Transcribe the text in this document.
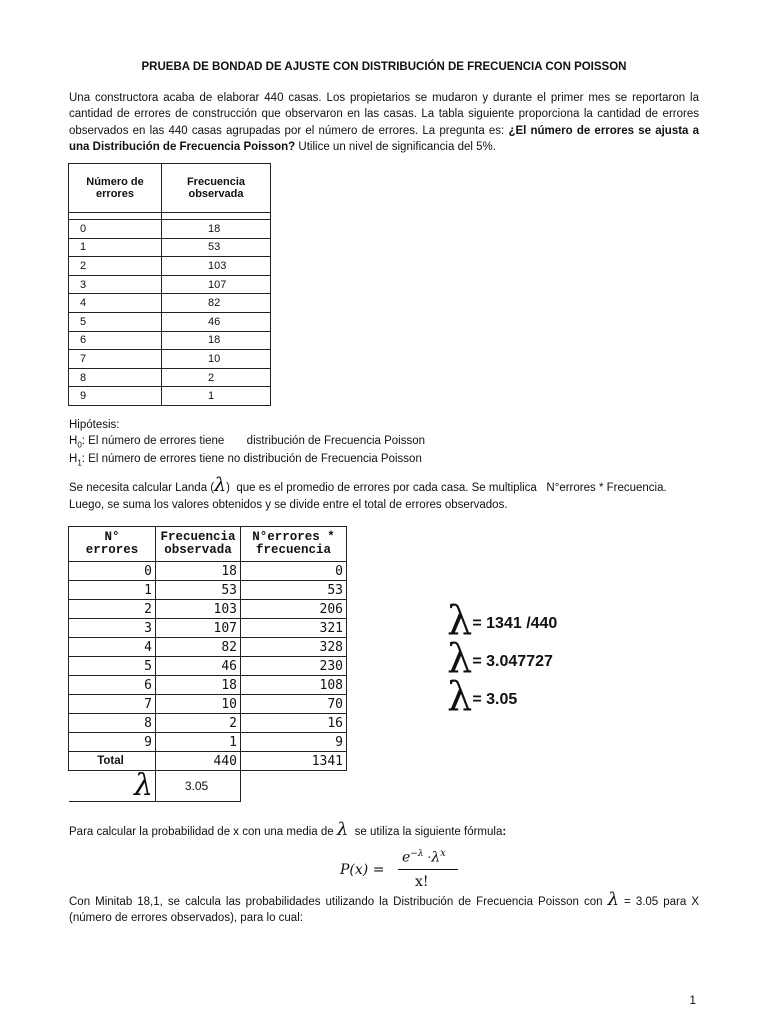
PRUEBA DE BONDAD DE AJUSTE CON DISTRIBUCIÓN DE FRECUENCIA CON POISSON
Una constructora acaba de elaborar 440 casas. Los propietarios se mudaron y durante el primer mes se reportaron la cantidad de errores de construcción que observaron en las casas. La tabla siguiente proporciona la cantidad de errores observados en las 440 casas agrupadas por el número de errores. La pregunta es: ¿El número de errores se ajusta a una Distribución de Frecuencia Poisson? Utilice un nivel de significancia del 5%.
Número de errores	Frecuencia observada

0	18
1	53
2	103
3	107
4	82
5	46
6	18
7	10
8	2
9	1
Hipótesis:
$H_0$: El número de errores tiene       distribución de Frecuencia Poisson
$H_1$: El número de errores tiene no distribución de Frecuencia Poisson
Se necesita calcular Landa (λ)  que es el promedio de errores por cada casa. Se multiplica   N°errores * Frecuencia.
Luego, se suma los valores obtenidos y se divide entre el total de errores observados.
N° errores	Frecuencia observada	N°errores * frecuencia
0	18	0
1	53	53
2	103	206
3	107	321
4	82	328
5	46	230
6	18	108
7	10	70
8	2	16
9	1	9
Total	440	1341
λ	3.05	
λ= 1341 /440
λ= 3.047727
λ= 3.05
Para calcular la probabilidad de x con una media de λ  se utiliza la siguiente fórmula:
P(x) =
$e^{-\lambda} \cdot\lambda^x$
x!
Con Minitab 18,1, se calcula las probabilidades utilizando la Distribución de Frecuencia Poisson con λ = 3.05 para X (número de errores observados), para lo cual:
1
